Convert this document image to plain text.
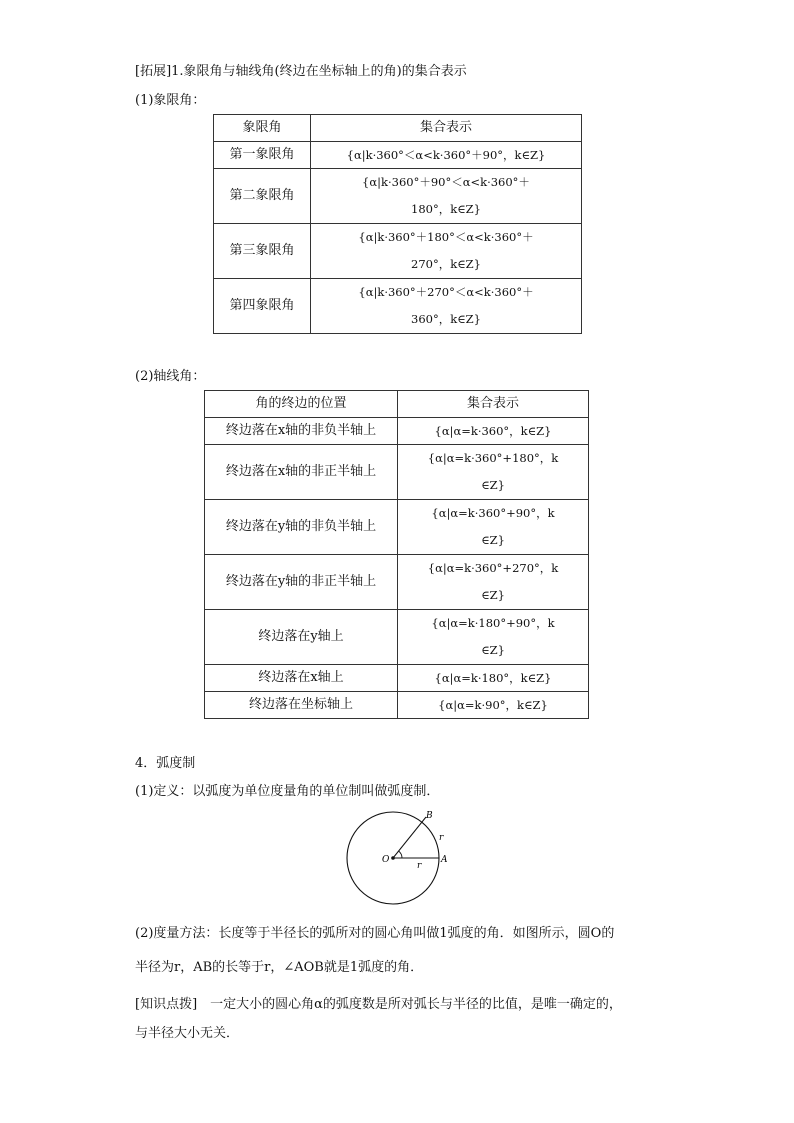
[拓展]1.象限角与轴线角(终边在坐标轴上的角)的集合表示
(1)象限角：
象限角	集合表示
第一象限角	{α|k·360°＜α<k·360°＋90°，k∈Z}
第二象限角	{α|k·360°＋90°＜α<k·360°＋
180°，k∈Z}

第三象限角	{α|k·360°＋180°＜α<k·360°＋
270°，k∈Z}

第四象限角	{α|k·360°＋270°＜α<k·360°＋
360°，k∈Z}
(2)轴线角：
角的终边的位置	集合表示
终边落在x轴的非负半轴上	{α|α=k·360°，k∈Z}
终边落在x轴的非正半轴上	{α|α=k·360°+180°，k
∈Z}

终边落在y轴的非负半轴上	{α|α=k·360°+90°，k
∈Z}

终边落在y轴的非正半轴上	{α|α=k·360°+270°，k
∈Z}

终边落在y轴上	{α|α=k·180°+90°，k
∈Z}

终边落在x轴上	{α|α=k·180°，k∈Z}
终边落在坐标轴上	{α|α=k·90°，k∈Z}
4．弧度制
(1)定义：以弧度为单位度量角的单位制叫做弧度制．
B
O	A
r
r
(2)度量方法：长度等于半径长的弧所对的圆心角叫做1弧度的角．如图所示，圆O的
半径为r，AB的长等于r，∠AOB就是1弧度的角．
[知识点拨]　一定大小的圆心角α的弧度数是所对弧长与半径的比值，是唯一确定的，
与半径大小无关．
